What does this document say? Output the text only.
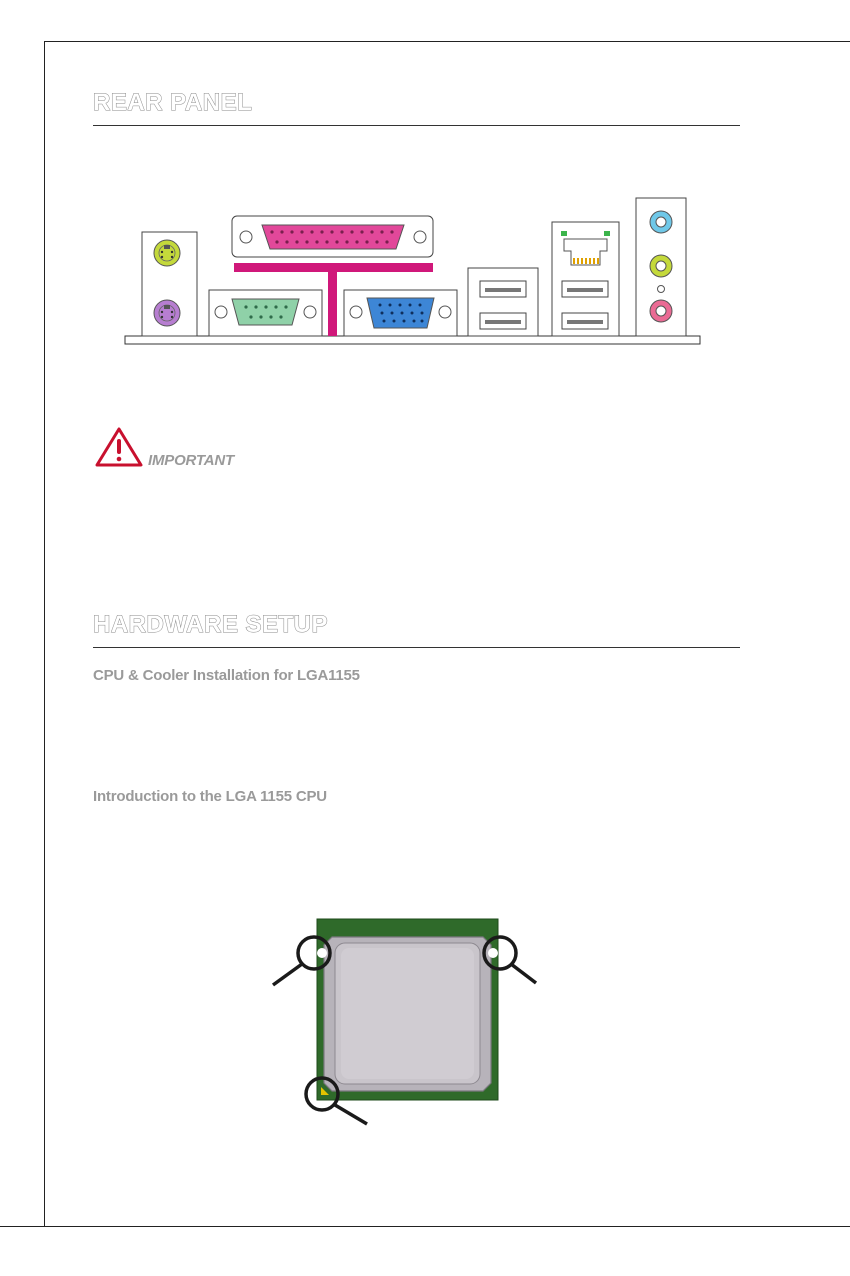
REAR PANEL
IMPORTANT
HARDWARE SETUP

CPU & Cooler Installation for LGA1155

Introduction to the LGA 1155 CPU
